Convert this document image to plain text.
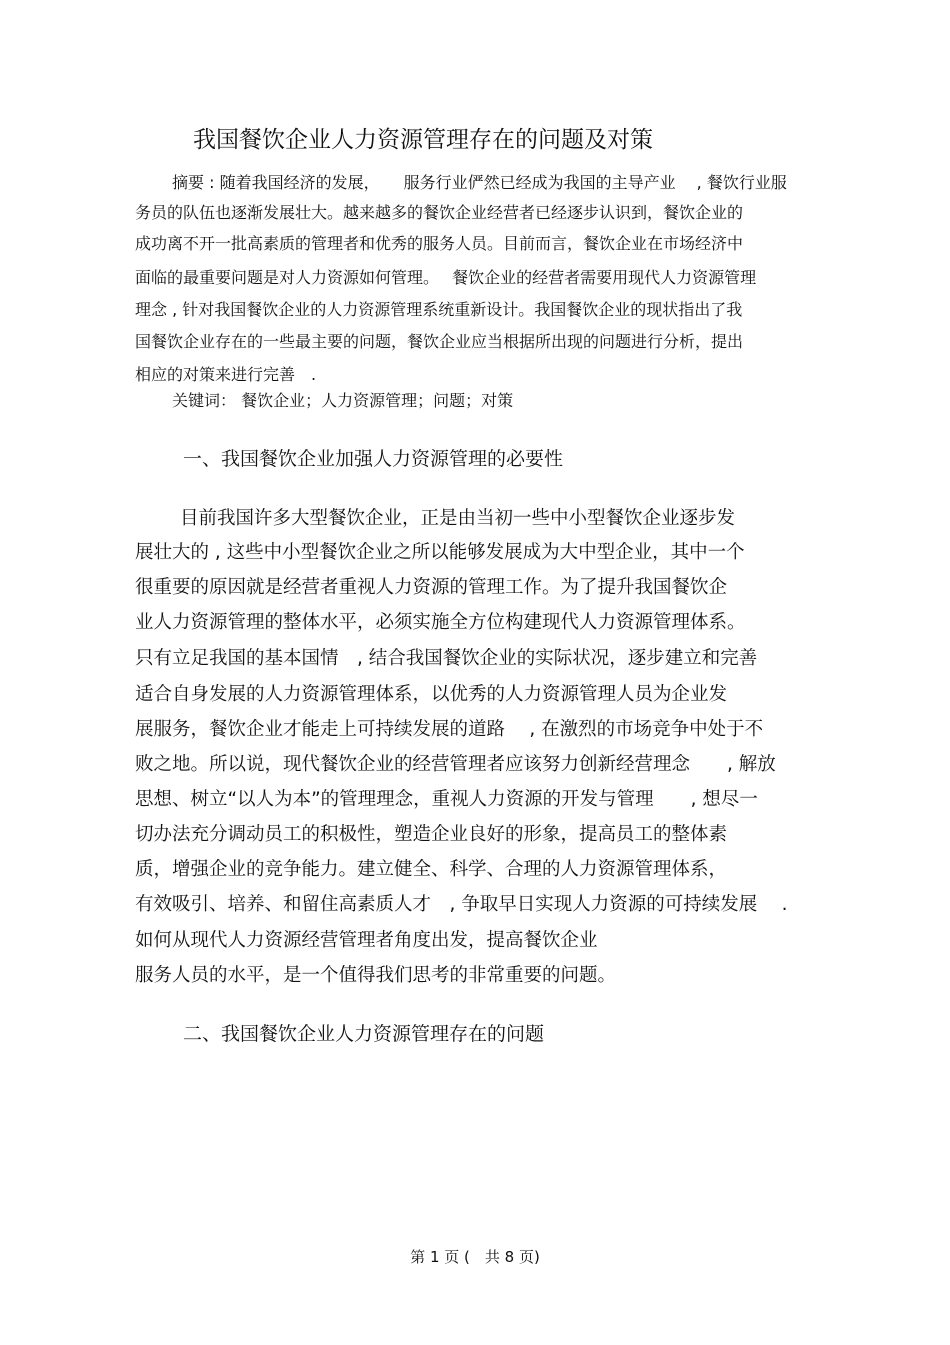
我国餐饮企业人力资源管理存在的问题及对策
摘要 : 随着我国经济的发展，　　服务行业俨然已经成为我国的主导产业　 , 餐饮行业服
务员的队伍也逐渐发展壮大。越来越多的餐饮企业经营者已经逐步认识到，餐饮企业的
成功离不开一批高素质的管理者和优秀的服务人员。目前而言，餐饮企业在市场经济中
面临的最重要问题是对人力资源如何管理。　 餐饮企业的经营者需要用现代人力资源管理
理念 , 针对我国餐饮企业的人力资源管理系统重新设计。我国餐饮企业的现状指出了我
国餐饮企业存在的一些最主要的问题，餐饮企业应当根据所出现的问题进行分析，提出
相应的对策来进行完善　.
关键词： 餐饮企业；人力资源管理；问题；对策
一、我国餐饮企业加强人力资源管理的必要性
目前我国许多大型餐饮企业，正是由当初一些中小型餐饮企业逐步发
展壮大的 , 这些中小型餐饮企业之所以能够发展成为大中型企业，其中一个
很重要的原因就是经营者重视人力资源的管理工作。为了提升我国餐饮企
业人力资源管理的整体水平，必须实施全方位构建现代人力资源管理体系。
只有立足我国的基本国情　, 结合我国餐饮企业的实际状况，逐步建立和完善
适合自身发展的人力资源管理体系，以优秀的人力资源管理人员为企业发
展服务，餐饮企业才能走上可持续发展的道路　 , 在激烈的市场竞争中处于不
败之地。所以说，现代餐饮企业的经营管理者应该努力创新经营理念　　, 解放
思想、树立“以人为本”的管理理念，重视人力资源的开发与管理　　, 想尽一
切办法充分调动员工的积极性，塑造企业良好的形象，提高员工的整体素
质，增强企业的竞争能力。建立健全、科学、合理的人力资源管理体系，
有效吸引、培养、和留住高素质人才　, 争取早日实现人力资源的可持续发展　 .
如何从现代人力资源经营管理者角度出发，提高餐饮企业
服务人员的水平，是一个值得我们思考的非常重要的问题。
二、我国餐饮企业人力资源管理存在的问题
第 1 页 (　共 8 页)
